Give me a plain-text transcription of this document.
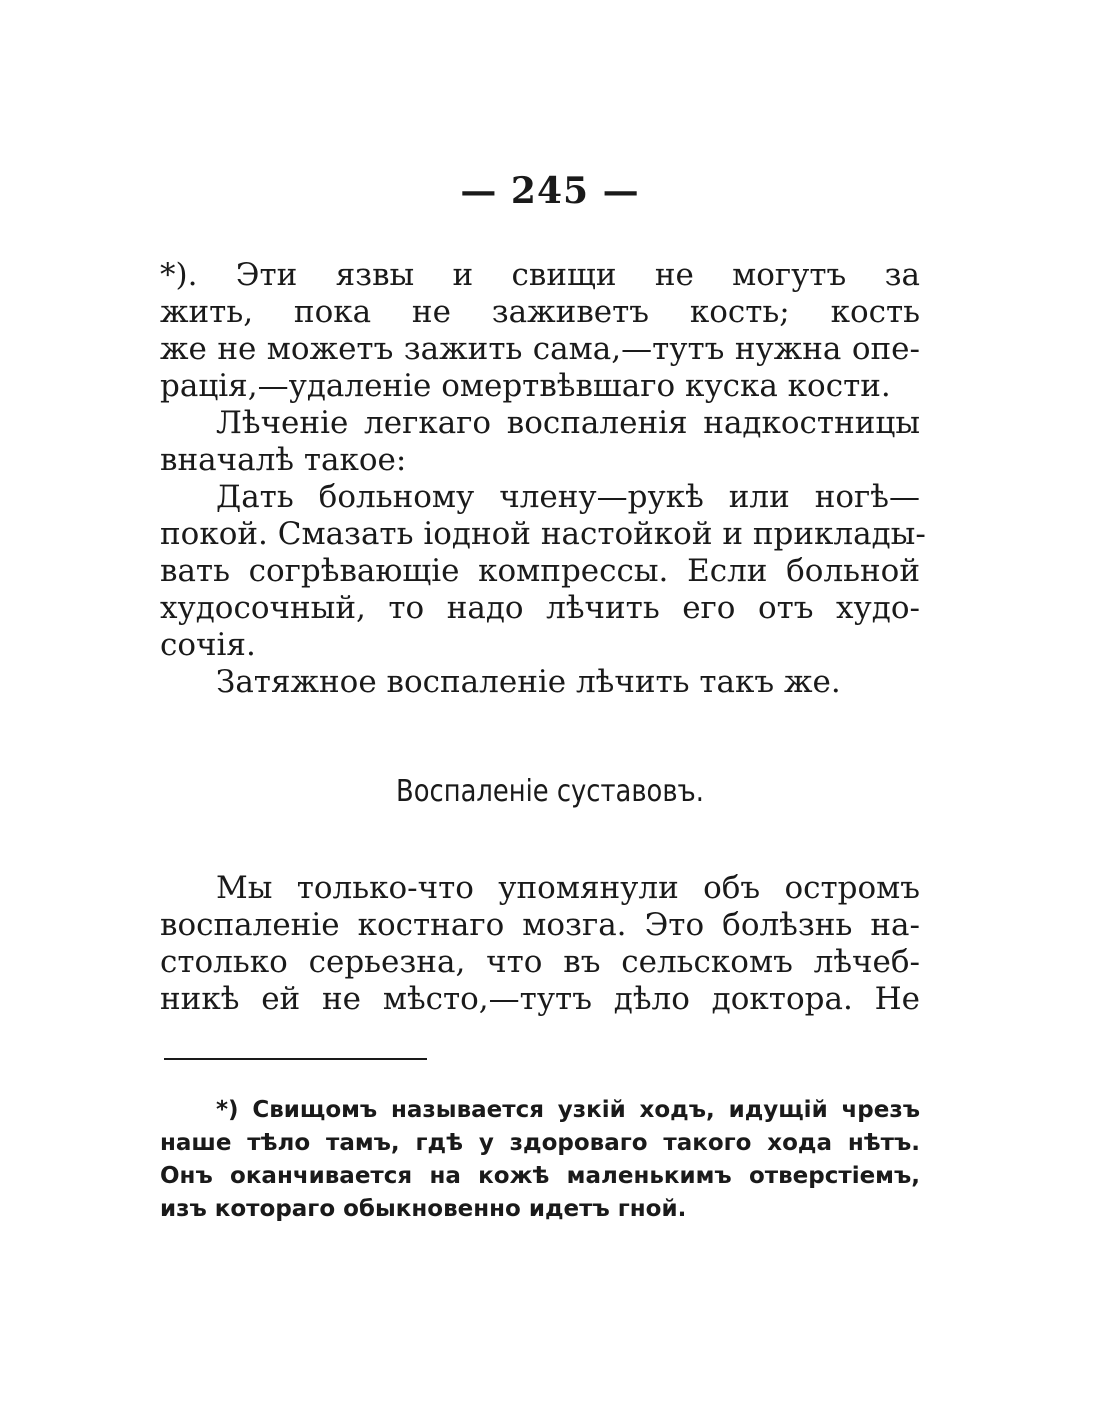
— 245 —
*). Эти язвы и свищи не могутъ за
жить, пока не заживетъ кость; кость
же не можетъ зажить сама,—тутъ нужна опе-
рація,—удаленіе омертвѣвшаго куска кости.
Лѣченіе легкаго воспаленія надкостницы
вначалѣ такое:
Дать больному члену—рукѣ или ногѣ—
покой. Смазать іодной настойкой и приклады-
вать согрѣвающіе компрессы. Если больной
худосочный, то надо лѣчить его отъ худо-
сочія.
Затяжное воспаленіе лѣчить такъ же.
Воспаленіе суставовъ.
Мы только-что упомянули объ остромъ
воспаленіе костнаго мозга. Это болѣзнь на-
столько серьезна, что въ сельскомъ лѣчеб-
никѣ ей не мѣсто,—тутъ дѣло доктора. Не
*) Свищомъ называется узкій ходъ, идущій чрезъ
наше тѣло тамъ, гдѣ у здороваго такого хода нѣтъ.
Онъ оканчивается на кожѣ маленькимъ отверстіемъ,
изъ котораго обыкновенно идетъ гной.
